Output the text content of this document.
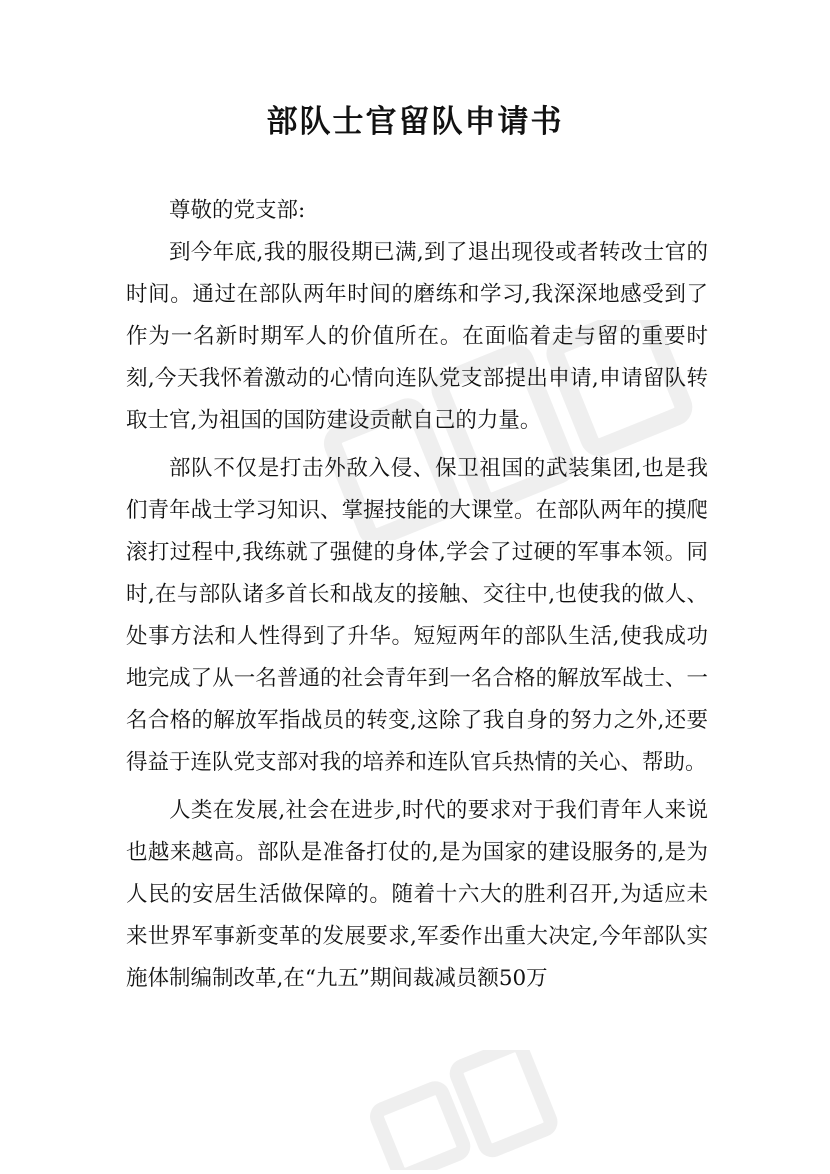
部队士官留队申请书

尊敬的党支部:

到今年底,我的服役期已满,到了退出现役或者转改士官的时间。通过在部队两年时间的磨练和学习,我深深地感受到了作为一名新时期军人的价值所在。在面临着走与留的重要时刻,今天我怀着激动的心情向连队党支部提出申请,申请留队转取士官,为祖国的国防建设贡献自己的力量。

部队不仅是打击外敌入侵、保卫祖国的武装集团,也是我们青年战士学习知识、掌握技能的大课堂。在部队两年的摸爬滚打过程中,我练就了强健的身体,学会了过硬的军事本领。同时,在与部队诸多首长和战友的接触、交往中,也使我的做人、处事方法和人性得到了升华。短短两年的部队生活,使我成功地完成了从一名普通的社会青年到一名合格的解放军战士、一名合格的解放军指战员的转变,这除了我自身的努力之外,还要得益于连队党支部对我的培养和连队官兵热情的关心、帮助。

人类在发展,社会在进步,时代的要求对于我们青年人来说也越来越高。部队是准备打仗的,是为国家的建设服务的,是为人民的安居生活做保障的。随着十六大的胜利召开,为适应未来世界军事新变革的发展要求,军委作出重大决定,今年部队实施体制编制改革,在“九五”期间裁减员额50万
